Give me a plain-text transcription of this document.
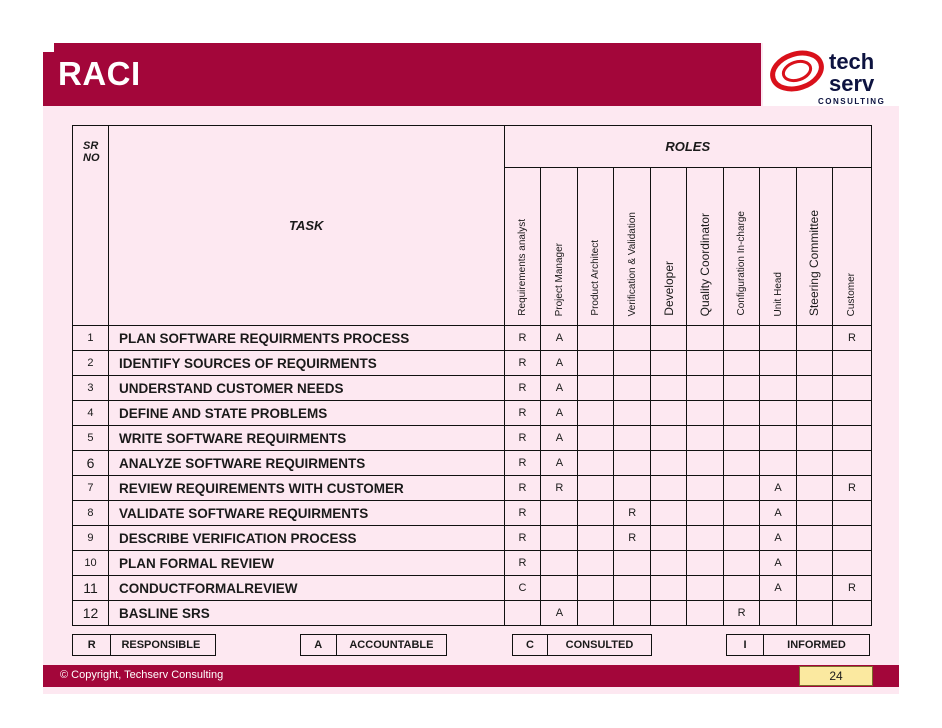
RACI	tech
serv
CONSULTING
SR
NO	TASK	ROLES									
		Requirements analyst	Project Manager	Product Architect	Verification & Validation	Developer	Quality Coordinator	Configuration In-charge	Unit Head	Steering Committee	Customer
1	PLAN SOFTWARE REQUIRMENTS PROCESS	R	A								R
2	IDENTIFY SOURCES OF REQUIRMENTS	R	A								
3	UNDERSTAND CUSTOMER NEEDS	R	A								
4	DEFINE AND STATE PROBLEMS	R	A								
5	WRITE SOFTWARE REQUIRMENTS	R	A								
6	ANALYZE SOFTWARE REQUIRMENTS	R	A								
7	REVIEW REQUIREMENTS WITH CUSTOMER	R	R						A		R
8	VALIDATE SOFTWARE REQUIRMENTS	R			R				A		
9	DESCRIBE VERIFICATION PROCESS	R			R				A		
10	PLAN FORMAL REVIEW	R							A		
11	CONDUCTFORMALREVIEW	C							A		R
12	BASLINE SRS		A					R			
R	RESPONSIBLE		A	ACCOUNTABLE	C	CONSULTED	I	INFORMED
© Copyright, Techserv Consulting	24
